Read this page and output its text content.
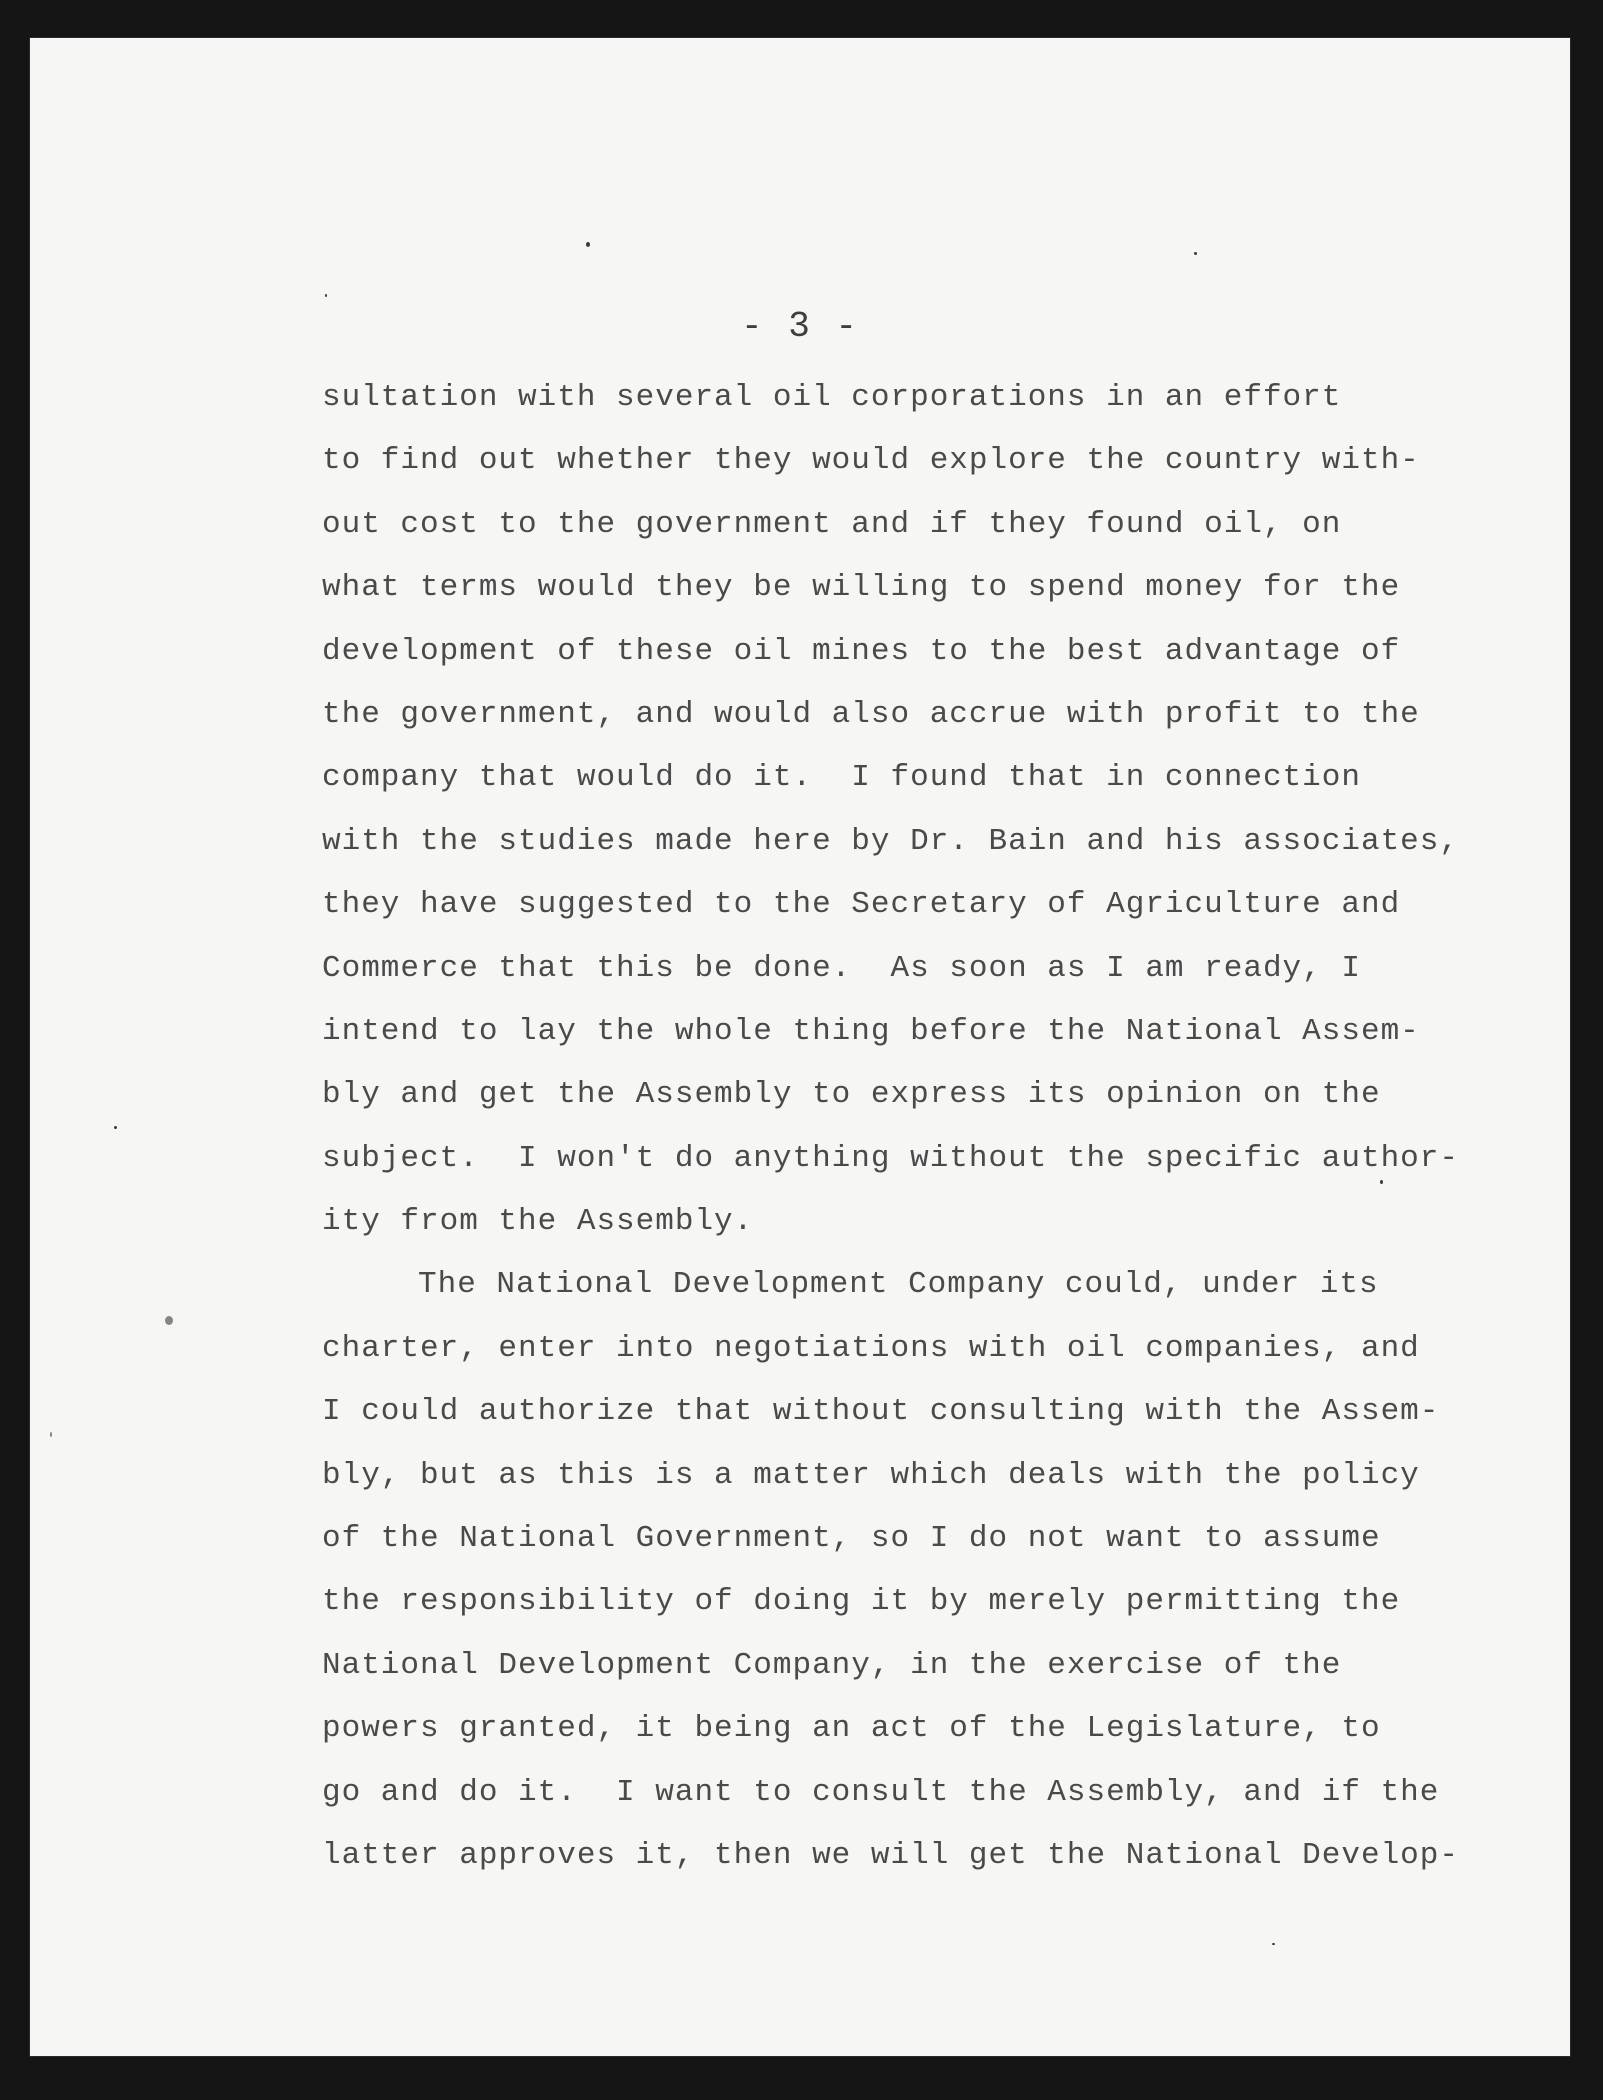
- 3 -
sultation with several oil corporations in an effort
to find out whether they would explore the country with-
out cost to the government and if they found oil, on
what terms would they be willing to spend money for the
development of these oil mines to the best advantage of
the government, and would also accrue with profit to the
company that would do it.  I found that in connection
with the studies made here by Dr. Bain and his associates,
they have suggested to the Secretary of Agriculture and
Commerce that this be done.  As soon as I am ready, I
intend to lay the whole thing before the National Assem-
bly and get the Assembly to express its opinion on the
subject.  I won't do anything without the specific author-
ity from the Assembly.
The National Development Company could, under its
charter, enter into negotiations with oil companies, and
I could authorize that without consulting with the Assem-
bly, but as this is a matter which deals with the policy
of the National Government, so I do not want to assume
the responsibility of doing it by merely permitting the
National Development Company, in the exercise of the
powers granted, it being an act of the Legislature, to
go and do it.  I want to consult the Assembly, and if the
latter approves it, then we will get the National Develop-
